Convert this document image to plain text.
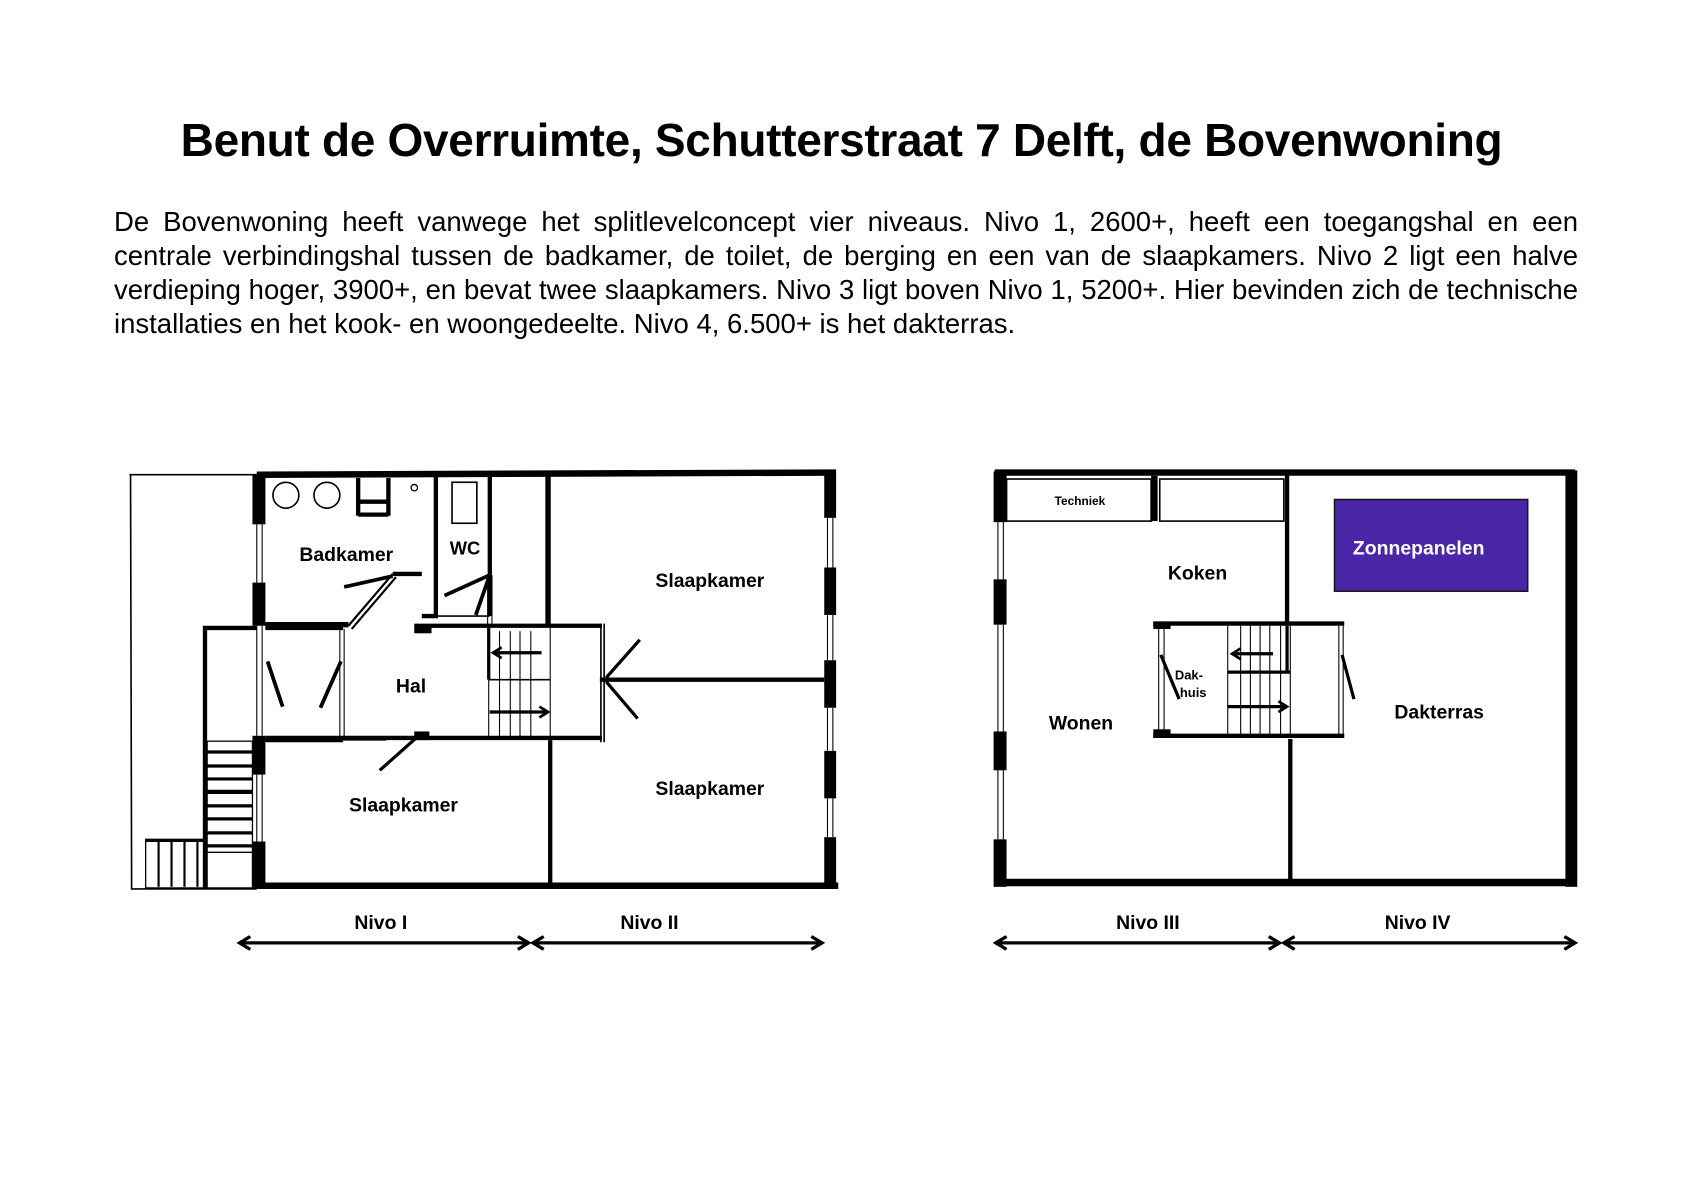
Benut de Overruimte, Schutterstraat 7 Delft, de Bovenwoning

De Bovenwoning heeft vanwege het splitlevelconcept vier niveaus. Nivo 1, 2600+, heeft een toegangshal en een centrale verbindingshal tussen de badkamer, de toilet, de berging en een van de slaapkamers. Nivo 2 ligt een halve verdieping hoger, 3900+, en bevat twee slaapkamers. Nivo 3 ligt boven Nivo 1, 5200+. Hier bevinden zich de technische installaties en het kook- en woongedeelte. Nivo 4, 6.500+ is het dakterras.

Badkamer	WC
Hal
Slaapkamer
Slaapkamer
Slaapkamer
Nivo I	Nivo II
Techniek
Zonnepanelen
Koken
Dak-
huis
Wonen	Dakterras
Nivo III	Nivo IV
